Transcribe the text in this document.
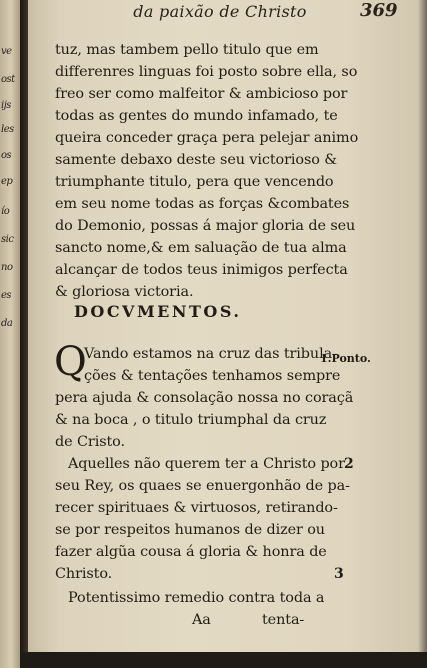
ve
ost
ijs
les
os
ep
ío
sic
no
es
da
da paixão de Christo	369
tuz, mas tambem pello titulo que em
differenres linguas foi posto sobre ella, so
freo ser como malfeitor & ambicioso por
todas as gentes do mundo infamado, te
queira conceder graça pera pelejar animo
samente debaxo deste seu victorioso &
triumphante titulo, pera que vencendo
em seu nome todas as forças &combates
do Demonio, possas á major gloria de seu
sancto nome,& em saluação de tua alma
alcançar de todos teus inimigos perfecta
& gloriosa victoria.
DOCVMENTOS.
Q
Vando estamos na cruz das tribula-
ções & tentações tenhamos sempre
pera ajuda & consolação nossa no coraçã
& na boca , o titulo triumphal da cruz
de Cristo.
Aquelles não querem ter a Christo por
seu Rey, os quaes se enuergonhão de pa-
recer spirituaes & virtuosos, retirando-
se por respeitos humanos de dizer ou
fazer algũa cousa á gloria & honra de
Christo.
Potentissimo remedio contra toda a
Aa	tenta-
1.Ponto.
2
3
